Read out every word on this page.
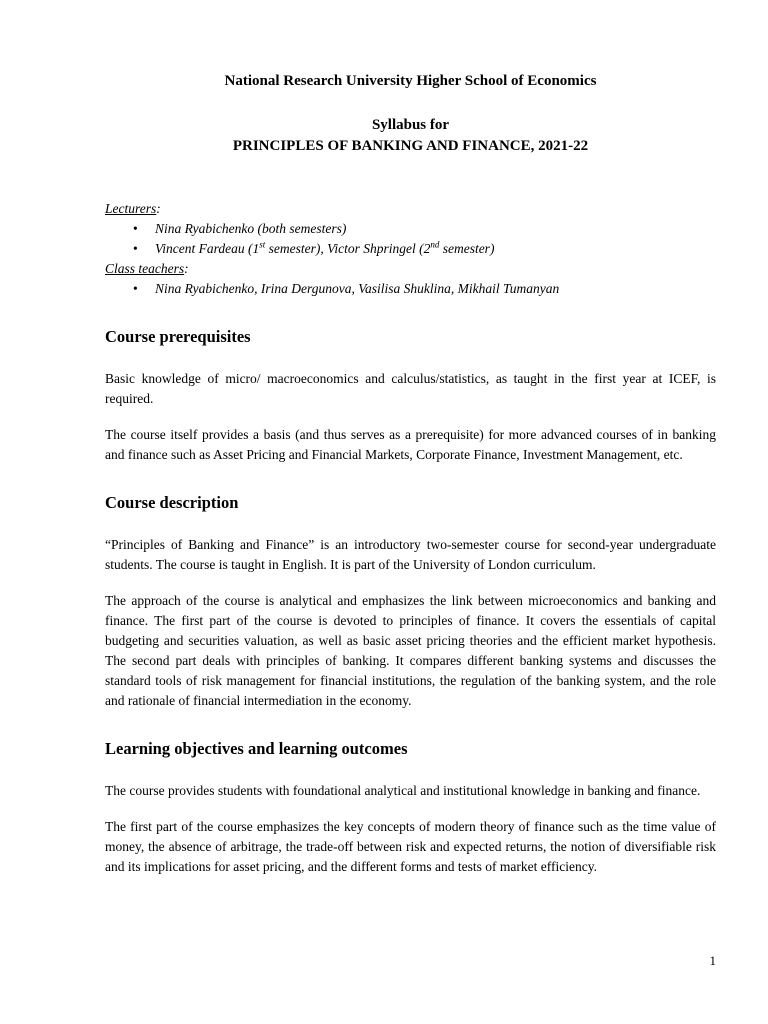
National Research University Higher School of Economics
Syllabus for
PRINCIPLES OF BANKING AND FINANCE, 2021-22
Lecturers:
• Nina Ryabichenko (both semesters)
• Vincent Fardeau (1st semester), Victor Shpringel (2nd semester)
Class teachers:
• Nina Ryabichenko, Irina Dergunova, Vasilisa Shuklina, Mikhail Tumanyan
Course prerequisites

Basic knowledge of micro/ macroeconomics and calculus/statistics, as taught in the first year at ICEF, is required.

The course itself provides a basis (and thus serves as a prerequisite) for more advanced courses of in banking and finance such as Asset Pricing and Financial Markets, Corporate Finance, Investment Management, etc.

Course description

“Principles of Banking and Finance” is an introductory two-semester course for second-year undergraduate students. The course is taught in English. It is part of the University of London curriculum.

The approach of the course is analytical and emphasizes the link between microeconomics and banking and finance. The first part of the course is devoted to principles of finance. It covers the essentials of capital budgeting and securities valuation, as well as basic asset pricing theories and the efficient market hypothesis. The second part deals with principles of banking. It compares different banking systems and discusses the standard tools of risk management for financial institutions, the regulation of the banking system, and the role and rationale of financial intermediation in the economy.

Learning objectives and learning outcomes

The course provides students with foundational analytical and institutional knowledge in banking and finance.

The first part of the course emphasizes the key concepts of modern theory of finance such as the time value of money, the absence of arbitrage, the trade-off between risk and expected returns, the notion of diversifiable risk and its implications for asset pricing, and the different forms and tests of market efficiency.

1
